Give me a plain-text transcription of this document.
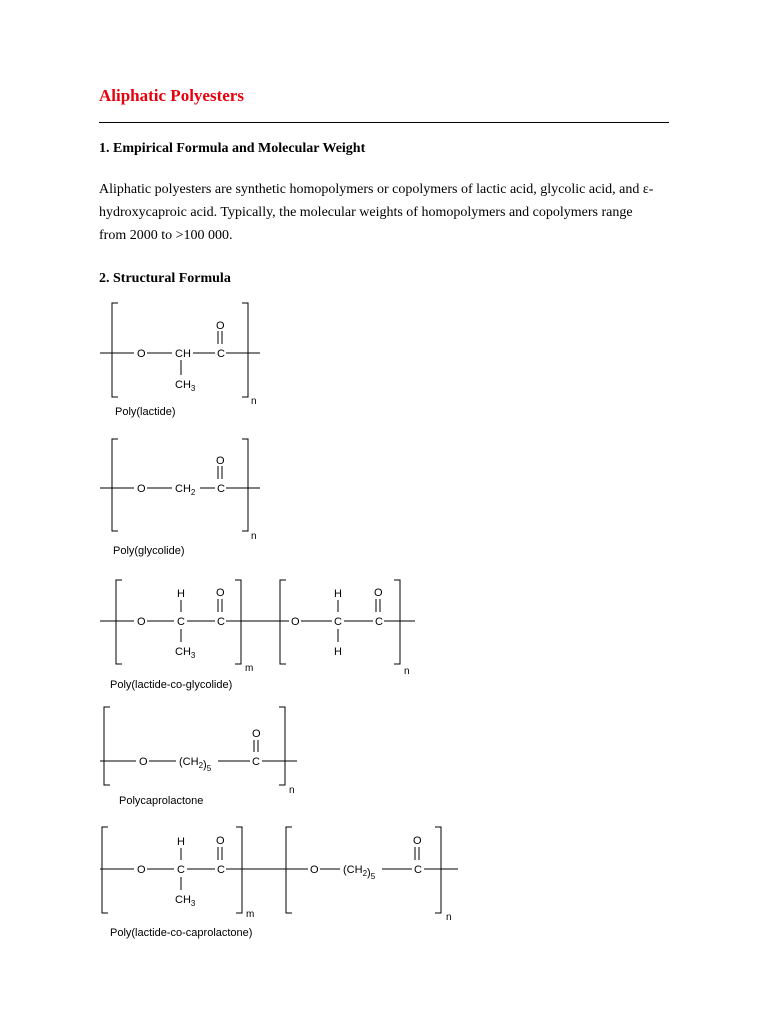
Aliphatic Polyesters
1. Empirical Formula and Molecular Weight
Aliphatic polyesters are synthetic homopolymers or copolymers of lactic acid, glycolic acid, and ε-
hydroxycaproic acid. Typically, the molecular weights of homopolymers and copolymers range
from 2000 to >100 000.
2. Structural Formula
O	CH C
O
$CH_3$
n
Poly(lactide)
O	$CH_2$ C
O
n
Poly(glycolide)
O	C
H
$CH_3$
C
O
m
O	C
H
H
C
O
n
Poly(lactide-co-glycolide)
O	$(CH_2)_5$
C
O
n
Polycaprolactone
O	C
H
$CH_3$
C
O
m
O $(CH_2)_5$
C
O
n
Poly(lactide-co-caprolactone)
